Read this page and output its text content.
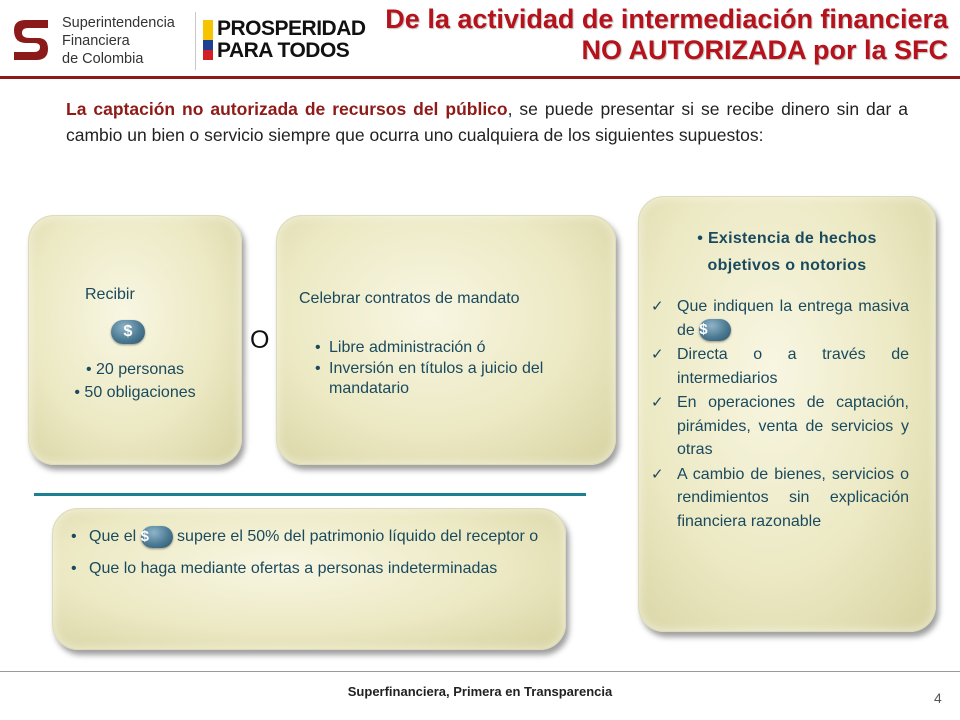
Superintendencia
Financiera
de Colombia
PROSPERIDAD
PARA TODOS
De la actividad de intermediación financiera
NO AUTORIZADA por la SFC
La captación no autorizada de recursos del público, se puede presentar si se recibe dinero sin dar a cambio un bien o servicio siempre que ocurra uno cualquiera de los siguientes supuestos:
Recibir
$
• 20 personas
• 50 obligaciones
O
Celebrar contratos de mandato
• Libre administración ó
• Inversión en títulos a juicio del mandatario
• Existencia de hechos
objetivos o notorios
✓ Que indiquen la entrega masiva de $
✓ Directa o a través de intermediarios
✓ En operaciones de captación, pirámides, venta de servicios y otras
✓ A cambio de bienes, servicios o rendimientos sin explicación financiera razonable
• Que el $ supere el 50% del patrimonio líquido del receptor o
• Que lo haga mediante ofertas a personas indeterminadas
Superfinanciera, Primera en Transparencia	4
